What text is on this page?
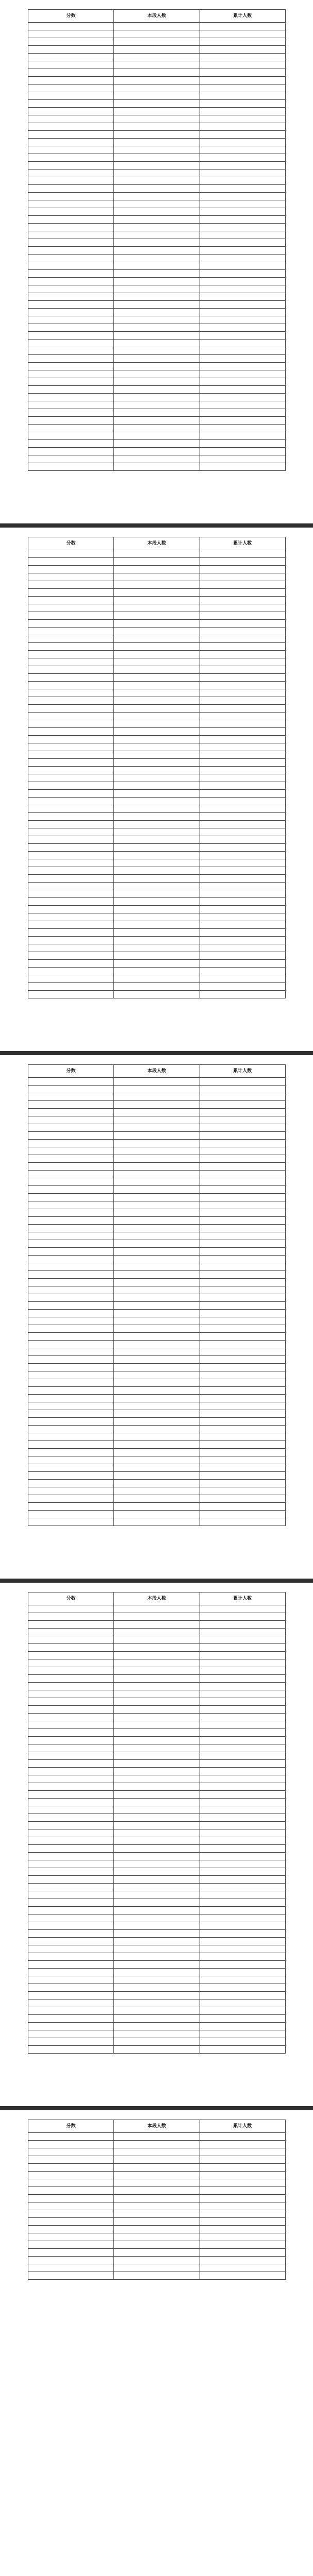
分数	本段人数	累计人数

分数	本段人数	累计人数

分数	本段人数	累计人数

分数	本段人数	累计人数

分数	本段人数	累计人数
